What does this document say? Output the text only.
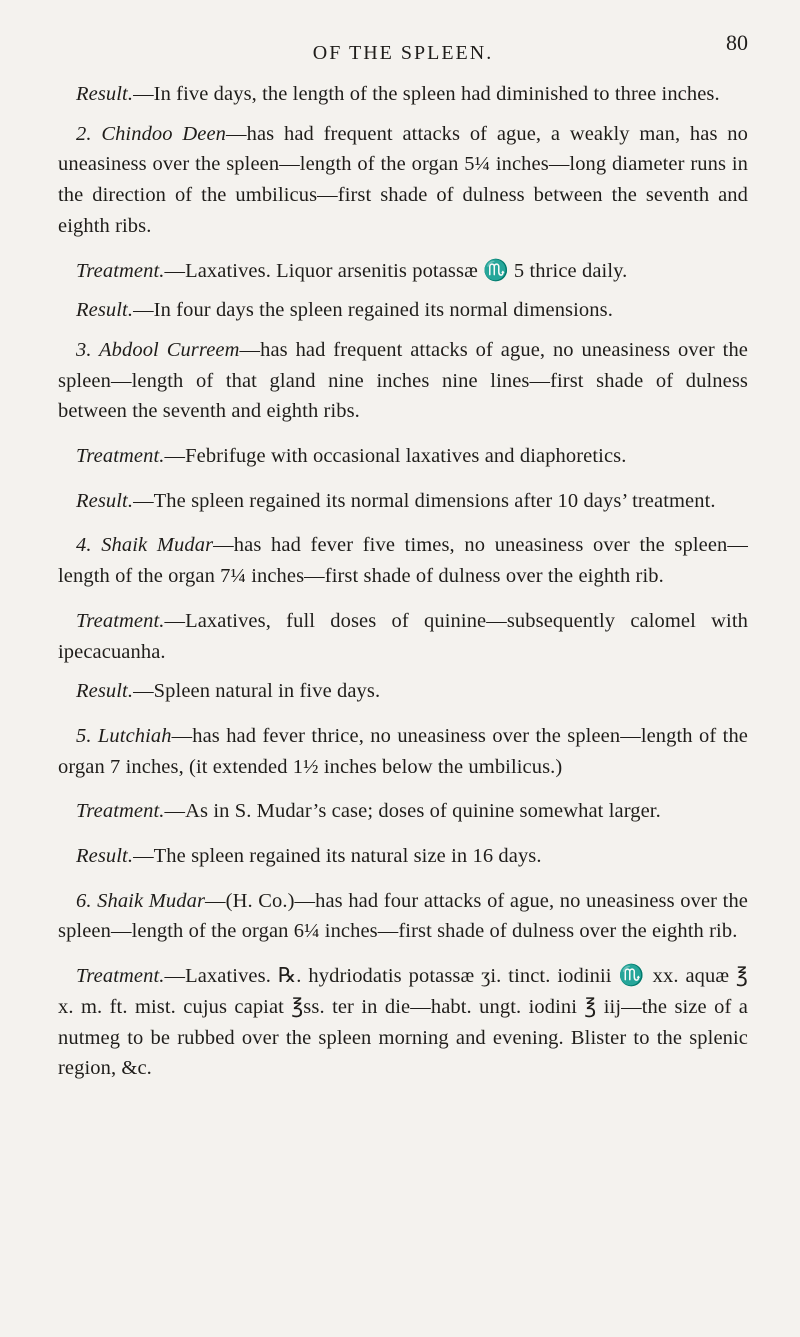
OF THE SPLEEN.	80

Result.—In five days, the length of the spleen had diminished to three inches.

2. Chindoo Deen—has had frequent attacks of ague, a weakly man, has no uneasiness over the spleen—length of the organ 5¼ inches—long diameter runs in the direction of the umbilicus—first shade of dulness between the seventh and eighth ribs.

Treatment.—Laxatives. Liquor arsenitis potassæ ♏ 5 thrice daily.

Result.—In four days the spleen regained its normal dimensions.

3. Abdool Curreem—has had frequent attacks of ague, no uneasiness over the spleen—length of that gland nine inches nine lines—first shade of dulness between the seventh and eighth ribs.

Treatment.—Febrifuge with occasional laxatives and diaphoretics.

Result.—The spleen regained its normal dimensions after 10 days’ treatment.

4. Shaik Mudar—has had fever five times, no uneasiness over the spleen—length of the organ 7¼ inches—first shade of dulness over the eighth rib.

Treatment.—Laxatives, full doses of quinine—subsequently calomel with ipecacuanha.

Result.—Spleen natural in five days.

5. Lutchiah—has had fever thrice, no uneasiness over the spleen—length of the organ 7 inches, (it extended 1½ inches below the umbilicus.)

Treatment.—As in S. Mudar’s case; doses of quinine somewhat larger.

Result.—The spleen regained its natural size in 16 days.

6. Shaik Mudar—(H. Co.)—has had four attacks of ague, no uneasiness over the spleen—length of the organ 6¼ inches—first shade of dulness over the eighth rib.

Treatment.—Laxatives. ℞. hydriodatis potassæ ʒi. tinct. iodinii ♏ xx. aquæ ℥ x. m. ft. mist. cujus capiat ℥ss. ter in die—habt. ungt. iodini ℥ iij—the size of a nutmeg to be rubbed over the spleen morning and evening. Blister to the splenic region, &c.
